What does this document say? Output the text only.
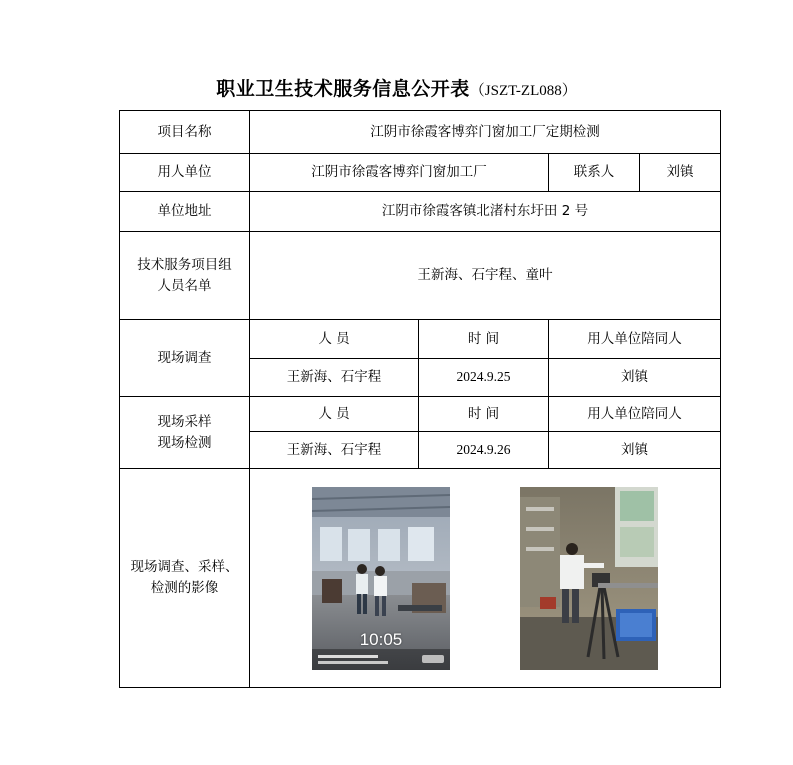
职业卫生技术服务信息公开表（JSZT-ZL088）
项目名称	江阴市徐霞客博弈门窗加工厂定期检测			
用人单位	江阴市徐霞客博弈门窗加工厂		联系人	刘镇
单位地址	江阴市徐霞客镇北渚村东圩田 2 号			

技术服务项目组
人员名单	王新海、石宇程、童叶			
现场调查	人 员	时 间	用人单位陪同人	
	王新海、石宇程	2024.9.25	刘镇	

现场采样
现场检测	人 员	时 间	用人单位陪同人	
	王新海、石宇程	2024.9.26	刘镇	

现场调查、采样、
检测的影像	10:05			
